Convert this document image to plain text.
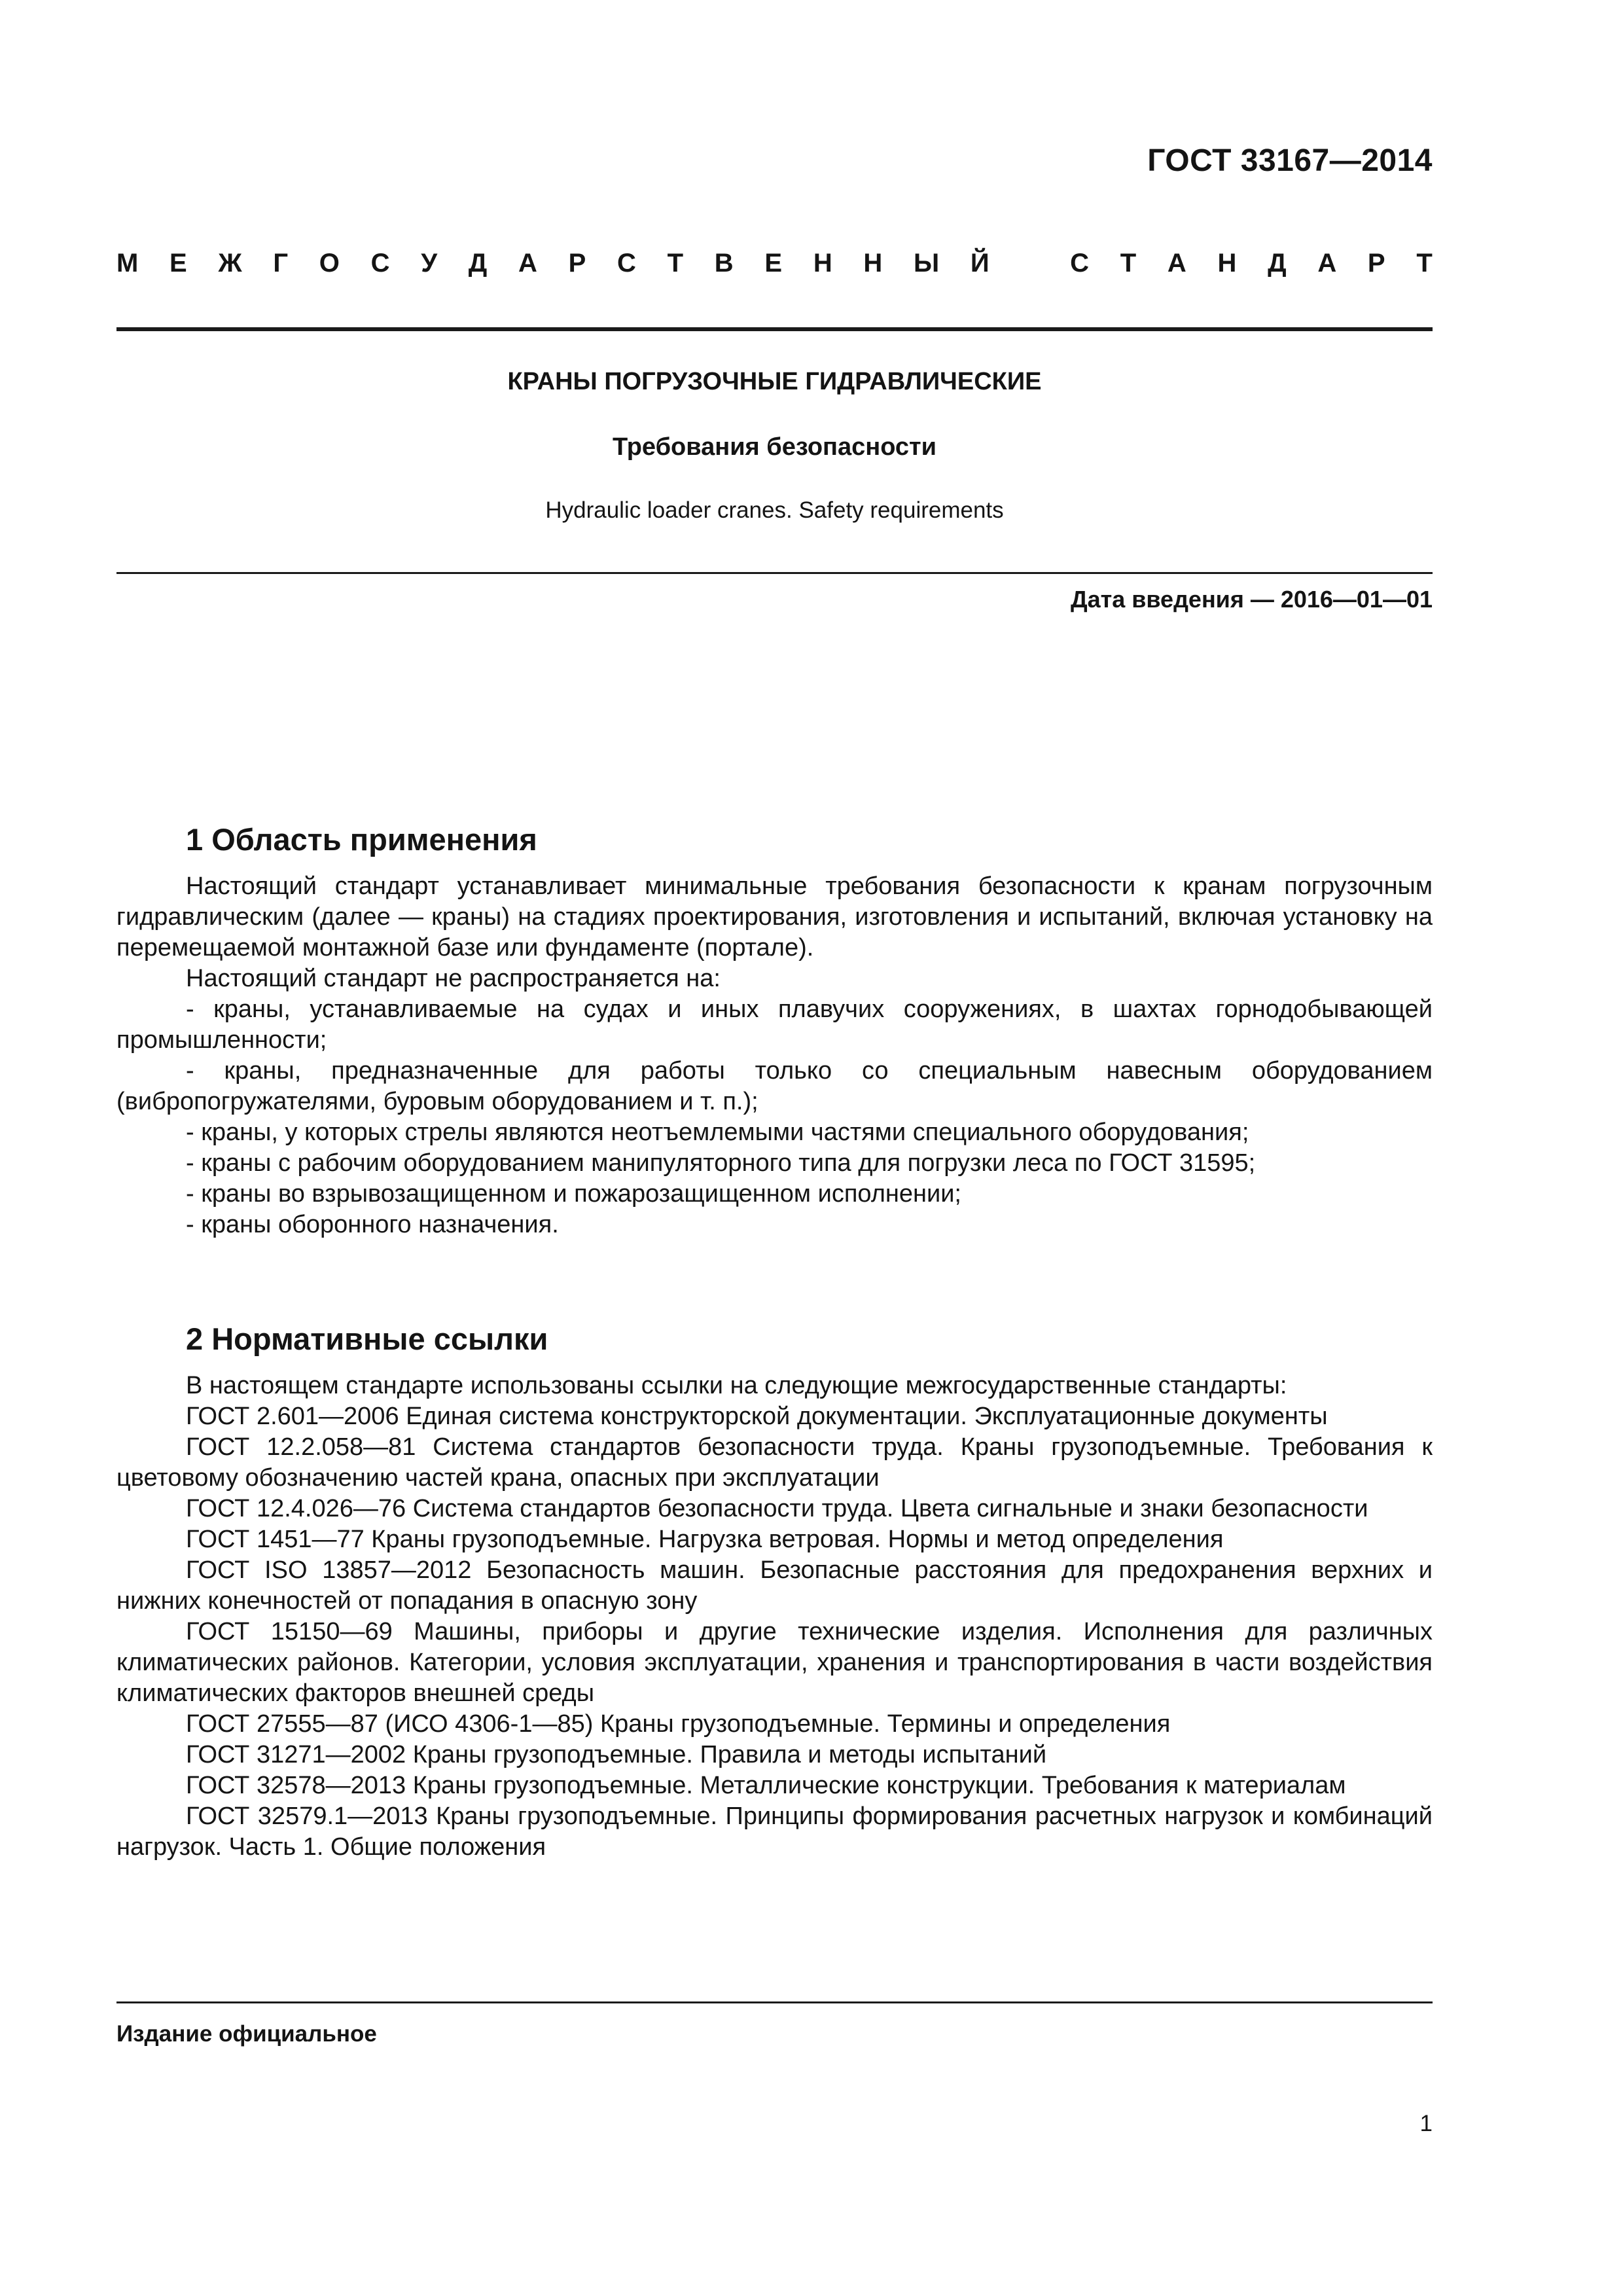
ГОСТ 33167—2014
М Е Ж Г О С У Д А Р С Т В Е Н Н Ы Й	С Т А Н Д А Р Т
КРАНЫ ПОГРУЗОЧНЫЕ ГИДРАВЛИЧЕСКИЕ
Требования безопасности
Hydraulic loader cranes. Safety requirements
Дата введения — 2016—01—01
1 Область применения

Настоящий стандарт устанавливает минимальные требования безопасности к кранам погрузочным гидравлическим (далее — краны) на стадиях проектирования, изготовления и испытаний, включая установку на перемещаемой монтажной базе или фундаменте (портале).

Настоящий стандарт не распространяется на:

- краны, устанавливаемые на судах и иных плавучих сооружениях, в шахтах горнодобывающей промышленности;

- краны, предназначенные для работы только со специальным навесным оборудованием (вибропогружателями, буровым оборудованием и т. п.);

- краны, у которых стрелы являются неотъемлемыми частями специального оборудования;

- краны с рабочим оборудованием манипуляторного типа для погрузки леса по ГОСТ 31595;

- краны во взрывозащищенном и пожарозащищенном исполнении;

- краны оборонного назначения.

2 Нормативные ссылки

В настоящем стандарте использованы ссылки на следующие межгосударственные стандарты:

ГОСТ 2.601—2006 Единая система конструкторской документации. Эксплуатационные документы

ГОСТ 12.2.058—81 Система стандартов безопасности труда. Краны грузоподъемные. Требования к цветовому обозначению частей крана, опасных при эксплуатации

ГОСТ 12.4.026—76 Система стандартов безопасности труда. Цвета сигнальные и знаки безопасности

ГОСТ 1451—77 Краны грузоподъемные. Нагрузка ветровая. Нормы и метод определения

ГОСТ ISO 13857—2012 Безопасность машин. Безопасные расстояния для предохранения верхних и нижних конечностей от попадания в опасную зону

ГОСТ 15150—69 Машины, приборы и другие технические изделия. Исполнения для различных климатических районов. Категории, условия эксплуатации, хранения и транспортирования в части воздействия климатических факторов внешней среды

ГОСТ 27555—87 (ИСО 4306-1—85) Краны грузоподъемные. Термины и определения

ГОСТ 31271—2002 Краны грузоподъемные. Правила и методы испытаний

ГОСТ 32578—2013 Краны грузоподъемные. Металлические конструкции. Требования к материалам

ГОСТ 32579.1—2013 Краны грузоподъемные. Принципы формирования расчетных нагрузок и комбинаций нагрузок. Часть 1. Общие положения

Издание официальное
1
